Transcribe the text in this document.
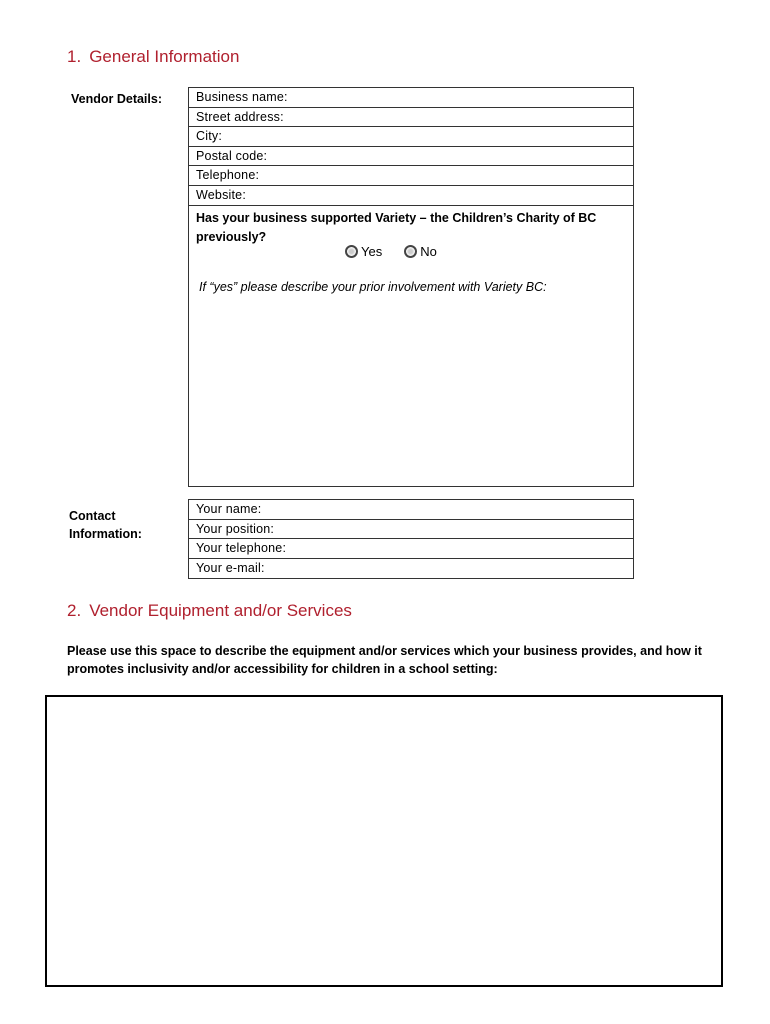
1. General Information
Vendor Details:	Business name:
Street address:
City:
Postal code:
Telephone:
Website:
Has your business supported Variety – the Children’s Charity of BC previously?
Yes	No
If “yes” please describe your prior involvement with Variety BC:
Contact
Information:
Your name:
Your position:
Your telephone:
Your e-mail:
2. Vendor Equipment and/or Services
Please use this space to describe the equipment and/or services which your business provides, and how it promotes inclusivity and/or accessibility for children in a school setting:
